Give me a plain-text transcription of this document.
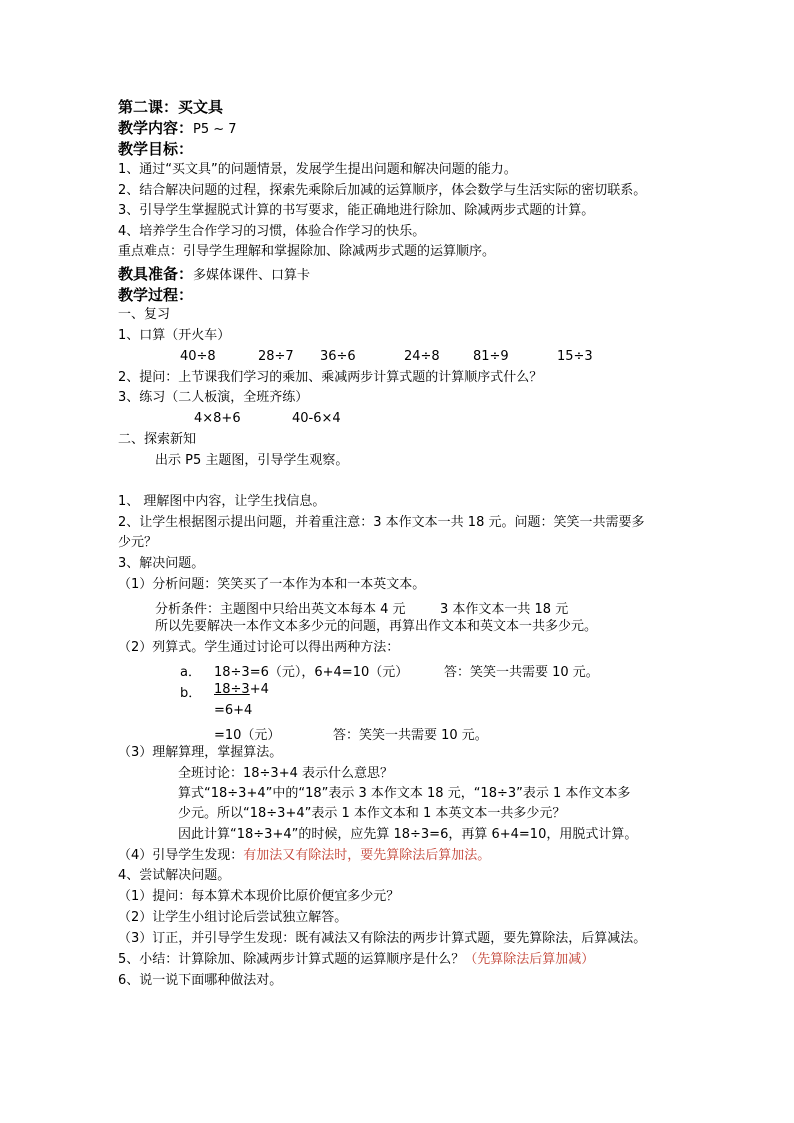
第二课：买文具
教学内容：P5 ~ 7
教学目标：
1、通过“买文具”的问题情景，发展学生提出问题和解决问题的能力。
2、结合解决问题的过程，探索先乘除后加减的运算顺序，体会数学与生活实际的密切联系。
3、引导学生掌握脱式计算的书写要求，能正确地进行除加、除减两步式题的计算。
4、培养学生合作学习的习惯，体验合作学习的快乐。
重点难点：引导学生理解和掌握除加、除减两步式题的运算顺序。
教具准备：多媒体课件、口算卡
教学过程：
一、复习
1、口算（开火车）
40÷8	28÷7 36÷6	24÷8	81÷9	15÷3
2、提问：上节课我们学习的乘加、乘减两步计算式题的计算顺序式什么？
3、练习（二人板演，全班齐练）
4×8+6	40-6×4
二、探索新知
出示 P5 主题图，引导学生观察。
1、 理解图中内容，让学生找信息。
2、让学生根据图示提出问题，并着重注意：3 本作文本一共 18 元。问题：笑笑一共需要多
少元？
3、解决问题。
（1）分析问题：笑笑买了一本作为本和一本英文本。
分析条件：主题图中只给出英文本每本 4 元	3 本作文本一共 18 元
所以先要解决一本作文本多少元的问题，再算出作文本和英文本一共多少元。
（2）列算式。学生通过讨论可以得出两种方法：
a． 18÷3=6（元），6+4=10（元）	答：笑笑一共需要 10 元。
b． 18÷3+4
=6+4
=10（元）	答：笑笑一共需要 10 元。
（3）理解算理，掌握算法。
全班讨论：18÷3+4 表示什么意思？
算式“18÷3+4”中的“18”表示 3 本作文本 18 元，“18÷3”表示 1 本作文本多
少元。所以“18÷3+4”表示 1 本作文本和 1 本英文本一共多少元？
因此计算“18÷3+4”的时候，应先算 18÷3=6，再算 6+4=10，用脱式计算。
（4）引导学生发现：有加法又有除法时，要先算除法后算加法。
4、尝试解决问题。
（1）提问：每本算术本现价比原价便宜多少元？
（2）让学生小组讨论后尝试独立解答。
（3）订正，并引导学生发现：既有减法又有除法的两步计算式题，要先算除法，后算减法。
5、小结：计算除加、除减两步计算式题的运算顺序是什么？（先算除法后算加减）
6、说一说下面哪种做法对。
